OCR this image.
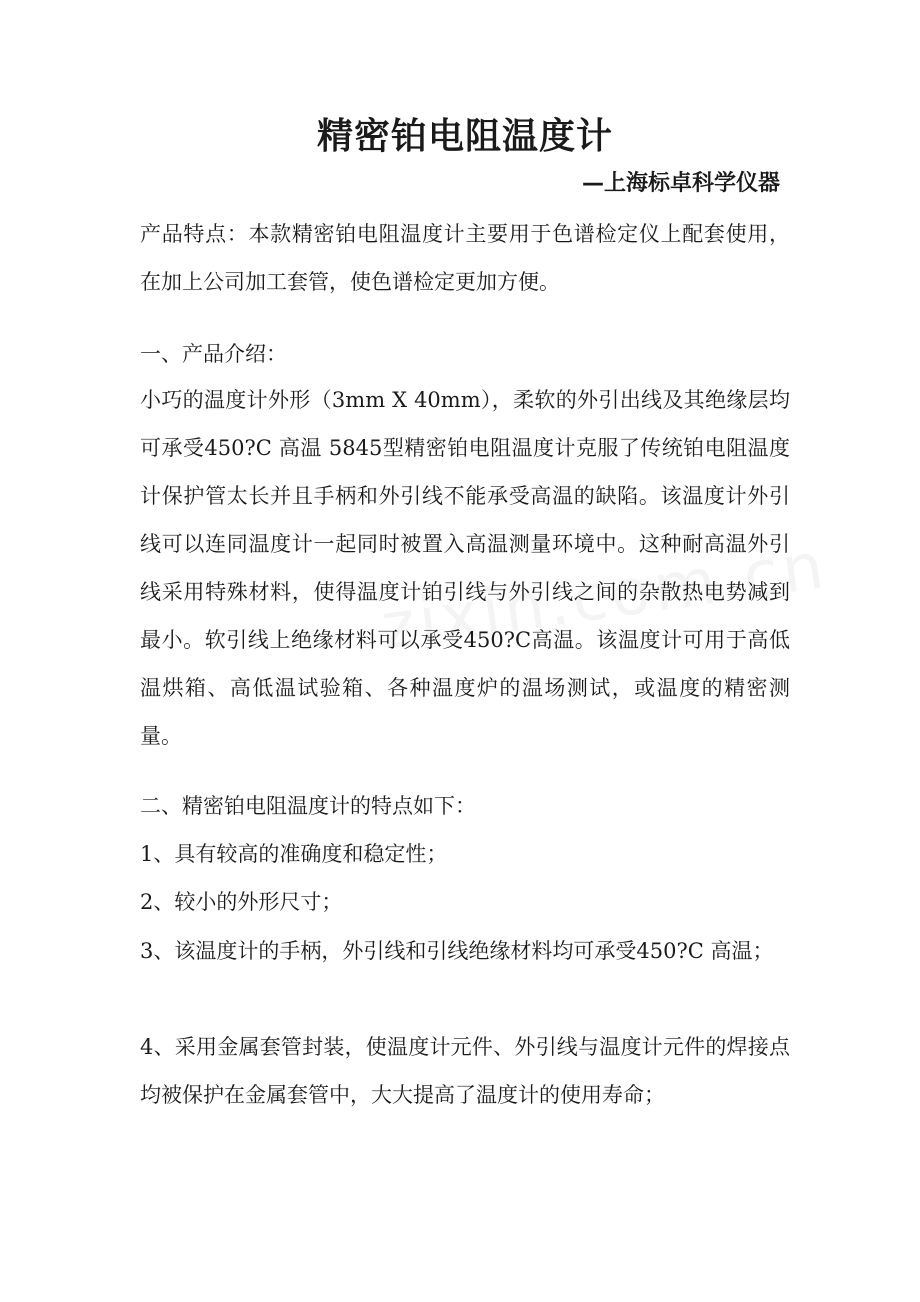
精密铂电阻温度计
—上海标卓科学仪器
产品特点：本款精密铂电阻温度计主要用于色谱检定仪上配套使用，在加上公司加工套管，使色谱检定更加方便。
一、产品介绍：
小巧的温度计外形（3mm X 40mm），柔软的外引出线及其绝缘层均可承受450?C 高温 5845型精密铂电阻温度计克服了传统铂电阻温度计保护管太长并且手柄和外引线不能承受高温的缺陷。该温度计外引线可以连同温度计一起同时被置入高温测量环境中。这种耐高温外引线采用特殊材料，使得温度计铂引线与外引线之间的杂散热电势减到最小。软引线上绝缘材料可以承受450?C高温。该温度计可用于高低温烘箱、高低温试验箱、各种温度炉的温场测试，或温度的精密测量。
二、精密铂电阻温度计的特点如下：
1、具有较高的准确度和稳定性；
2、较小的外形尺寸；
3、该温度计的手柄，外引线和引线绝缘材料均可承受450?C 高温；
4、采用金属套管封装，使温度计元件、外引线与温度计元件的焊接点均被保护在金属套管中，大大提高了温度计的使用寿命；
